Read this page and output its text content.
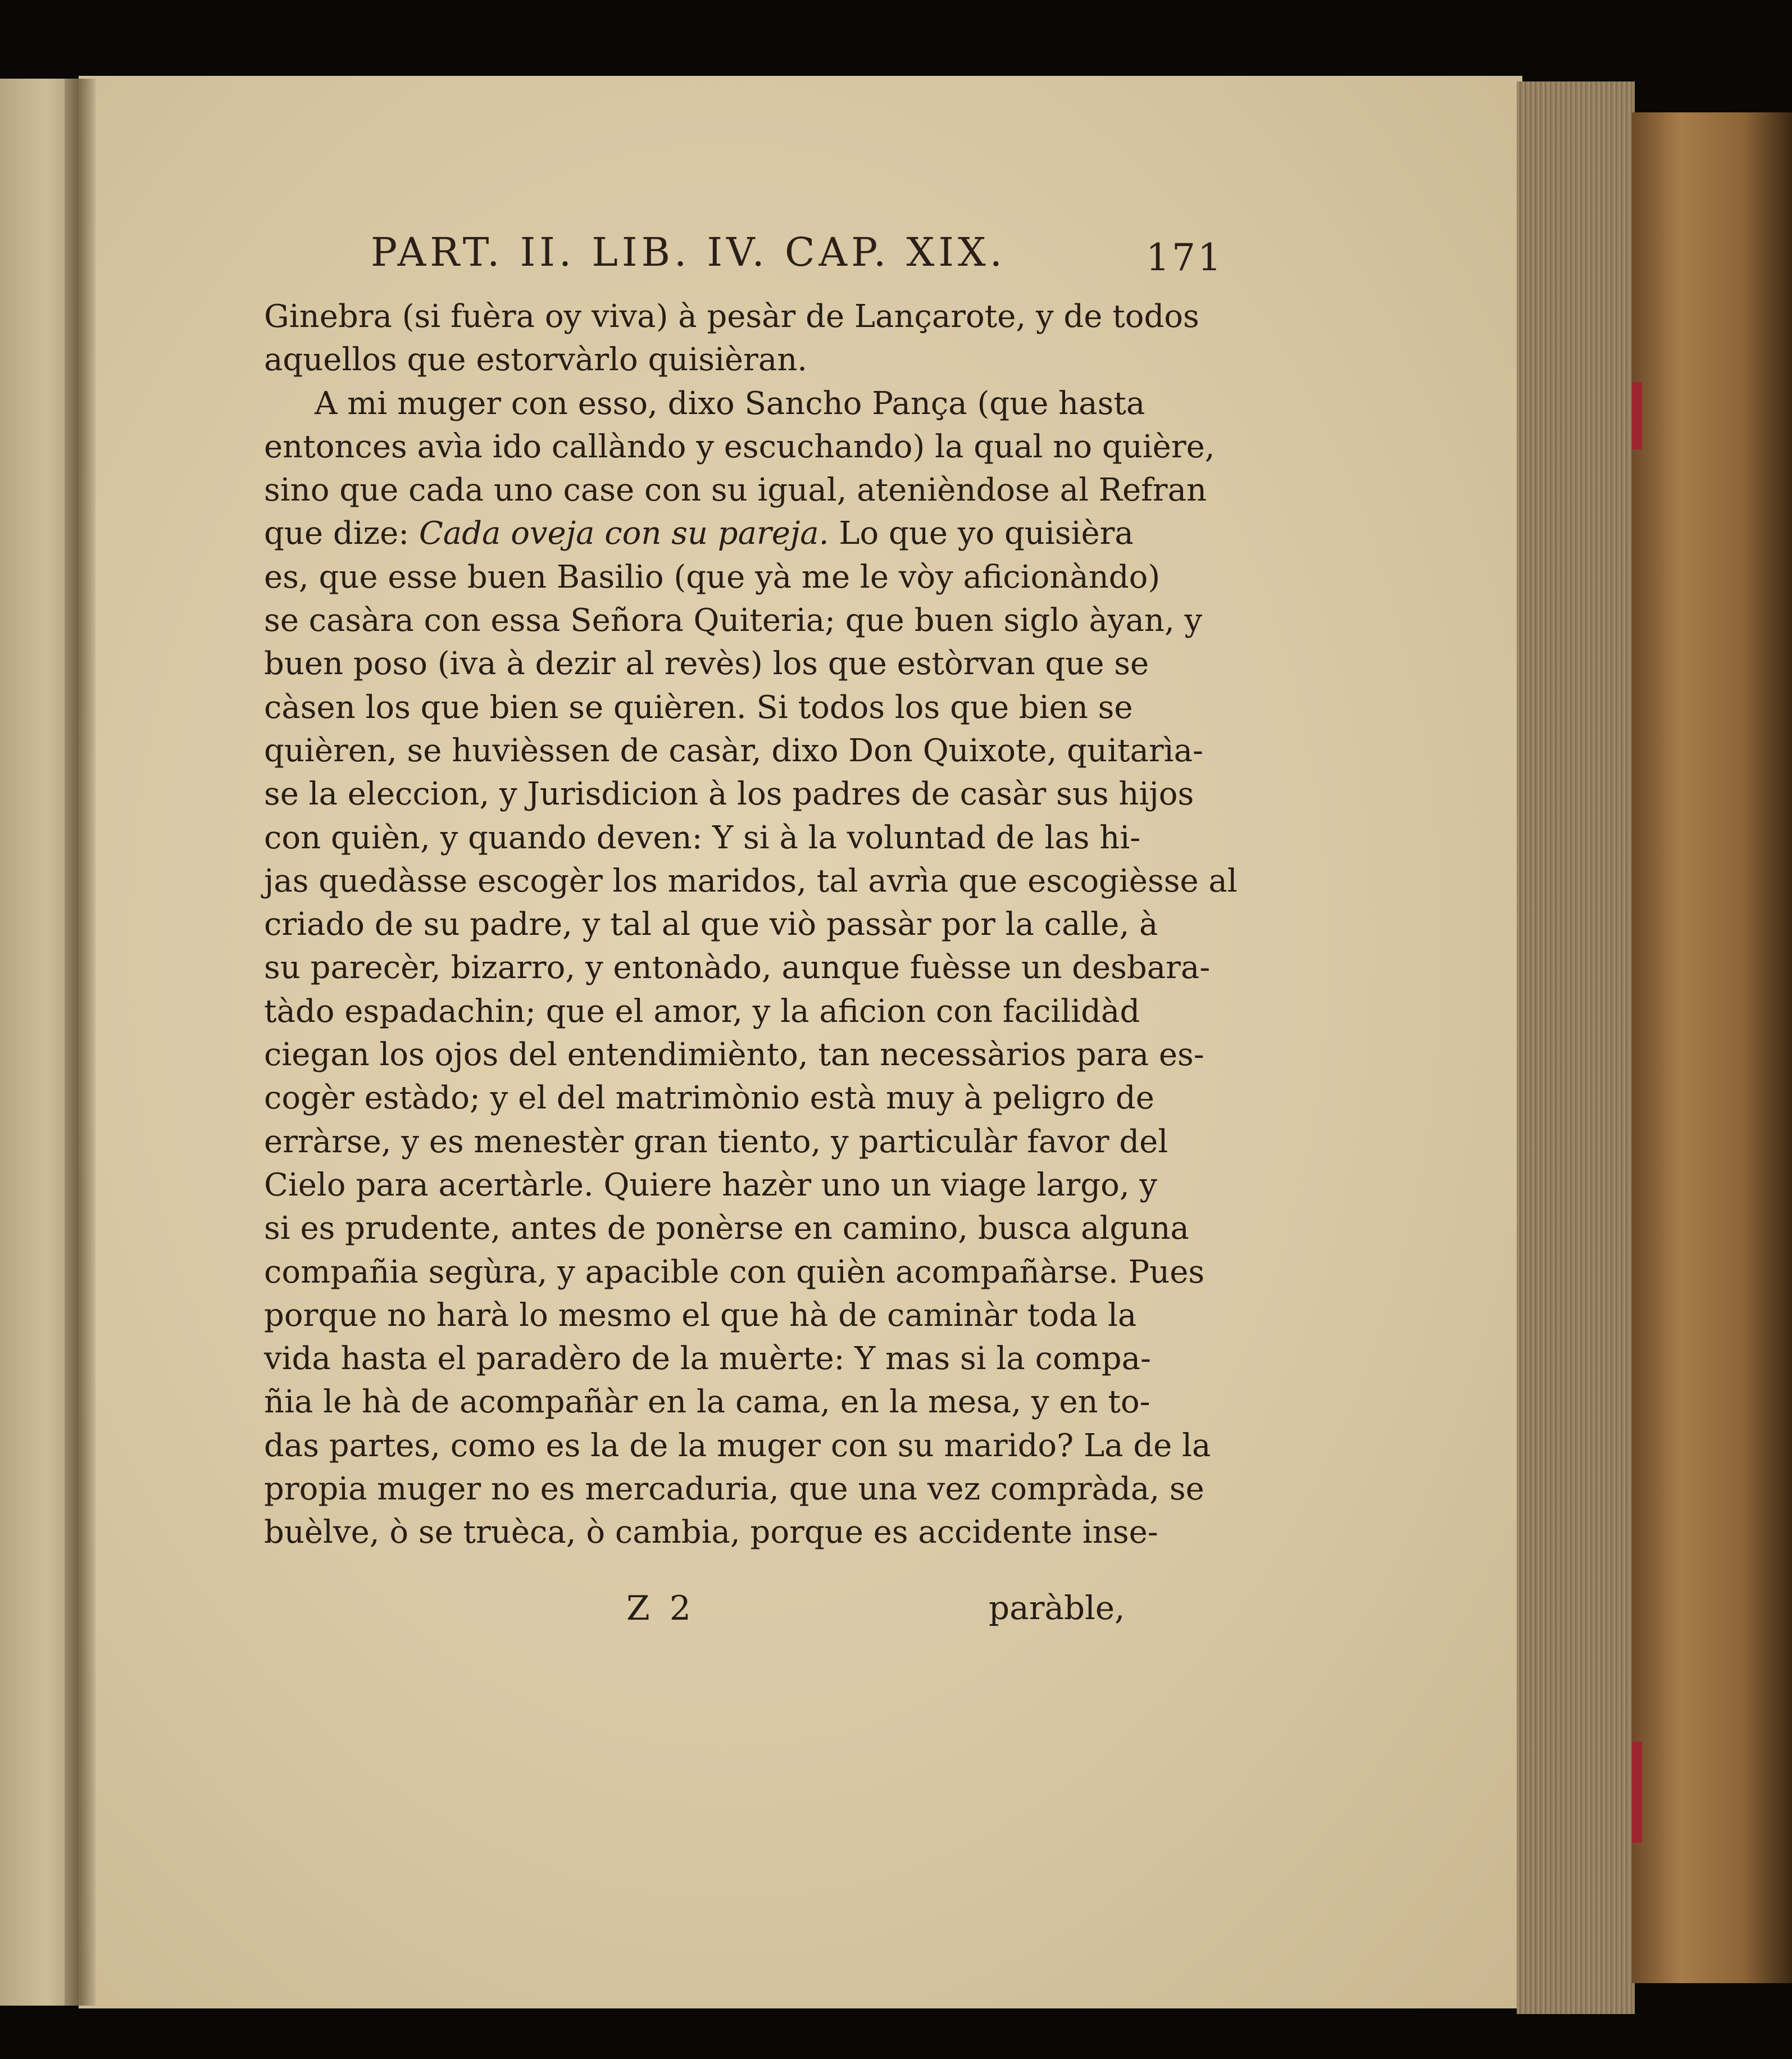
PART. II. LIB. IV. CAP. XIX.	171
Ginebra (si fuèra oy viva) à pesàr de Lançarote, y de todos
aquellos que estorvàrlo quisièran.
A mi muger con esso, dixo Sancho Pança (que hasta
entonces avìa ido callàndo y escuchando) la qual no quière,
sino que cada uno case con su igual, atenièndose al Refran
que dize: Cada oveja con su pareja. Lo que yo quisièra
es, que esse buen Basilio (que yà me le vòy aficionàndo)
se casàra con essa Señora Quiteria; que buen siglo àyan, y
buen poso (iva à dezir al revès) los que estòrvan que se
càsen los que bien se quièren. Si todos los que bien se
quièren, se huvièssen de casàr, dixo Don Quixote, quitarìa-
se la eleccion, y Jurisdicion à los padres de casàr sus hijos
con quièn, y quando deven: Y si à la voluntad de las hi-
jas quedàsse escogèr los maridos, tal avrìa que escogièsse al
criado de su padre, y tal al que viò passàr por la calle, à
su parecèr, bizarro, y entonàdo, aunque fuèsse un desbara-
tàdo espadachin; que el amor, y la aficion con facilidàd
ciegan los ojos del entendimiènto, tan necessàrios para es-
cogèr estàdo; y el del matrimònio està muy à peligro de
erràrse, y es menestèr gran tiento, y particulàr favor del
Cielo para acertàrle. Quiere hazèr uno un viage largo, y
si es prudente, antes de ponèrse en camino, busca alguna
compañia segùra, y apacible con quièn acompañàrse. Pues
porque no harà lo mesmo el que hà de caminàr toda la
vida hasta el paradèro de la muèrte: Y mas si la compa-
ñia le hà de acompañàr en la cama, en la mesa, y en to-
das partes, como es la de la muger con su marido? La de la
propia muger no es mercaduria, que una vez compràda, se
buèlve, ò se truèca, ò cambia, porque es accidente inse-
Z 2	paràble,
